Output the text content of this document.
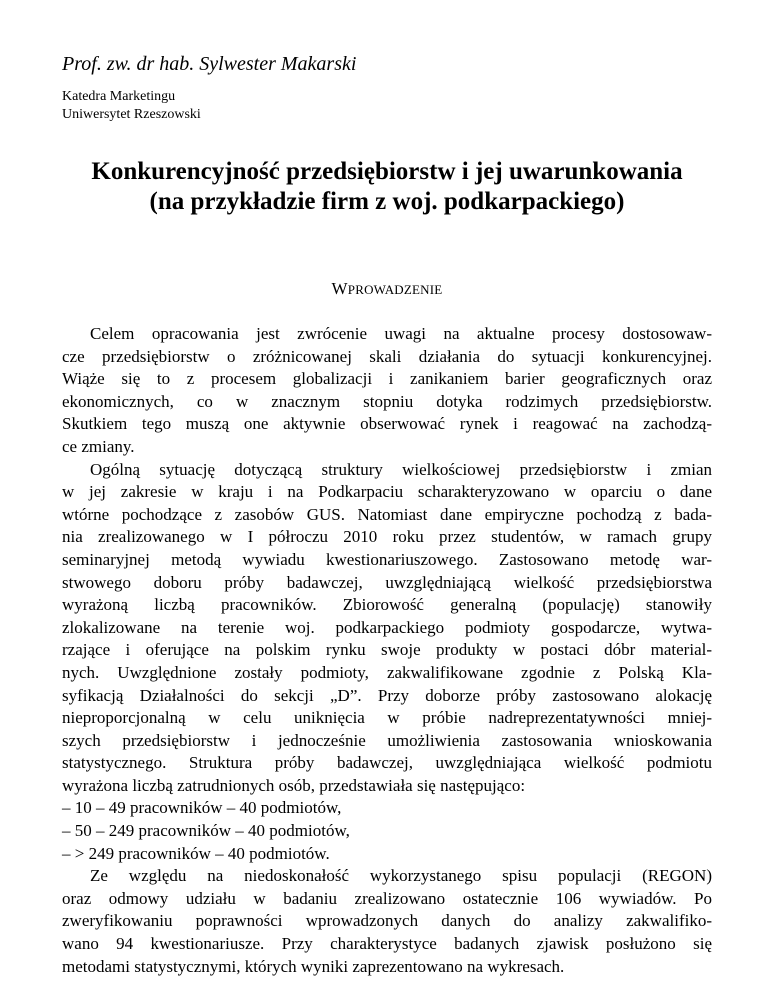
Prof. zw. dr hab. Sylwester Makarski
Katedra Marketingu
Uniwersytet Rzeszowski
Konkurencyjność przedsiębiorstw i jej uwarunkowania
(na przykładzie firm z woj. podkarpackiego)
WPROWADZENIE
Celem opracowania jest zwrócenie uwagi na aktualne procesy dostosowaw-
cze przedsiębiorstw o zróżnicowanej skali działania do sytuacji konkurencyjnej.
Wiąże się to z procesem globalizacji i zanikaniem barier geograficznych oraz
ekonomicznych, co w znacznym stopniu dotyka rodzimych przedsiębiorstw.
Skutkiem tego muszą one aktywnie obserwować rynek i reagować na zachodzą-
ce zmiany.
Ogólną sytuację dotyczącą struktury wielkościowej przedsiębiorstw i zmian
w jej zakresie w kraju i na Podkarpaciu scharakteryzowano w oparciu o dane
wtórne pochodzące z zasobów GUS. Natomiast dane empiryczne pochodzą z bada-
nia zrealizowanego w I półroczu 2010 roku przez studentów, w ramach grupy
seminaryjnej metodą wywiadu kwestionariuszowego. Zastosowano metodę war-
stwowego doboru próby badawczej, uwzględniającą wielkość przedsiębiorstwa
wyrażoną liczbą pracowników. Zbiorowość generalną (populację) stanowiły
zlokalizowane na terenie woj. podkarpackiego podmioty gospodarcze, wytwa-
rzające i oferujące na polskim rynku swoje produkty w postaci dóbr material-
nych. Uwzględnione zostały podmioty, zakwalifikowane zgodnie z Polską Kla-
syfikacją Działalności do sekcji „D”. Przy doborze próby zastosowano alokację
nieproporcjonalną w celu uniknięcia w próbie nadreprezentatywności mniej-
szych przedsiębiorstw i jednocześnie umożliwienia zastosowania wnioskowania
statystycznego. Struktura próby badawczej, uwzględniająca wielkość podmiotu
wyrażona liczbą zatrudnionych osób, przedstawiała się następująco:
– 10 – 49 pracowników – 40 podmiotów,
– 50 – 249 pracowników – 40 podmiotów,
– > 249 pracowników – 40 podmiotów.
Ze względu na niedoskonałość wykorzystanego spisu populacji (REGON)
oraz odmowy udziału w badaniu zrealizowano ostatecznie 106 wywiadów. Po
zweryfikowaniu poprawności wprowadzonych danych do analizy zakwalifiko-
wano 94 kwestionariusze. Przy charakterystyce badanych zjawisk posłużono się
metodami statystycznymi, których wyniki zaprezentowano na wykresach.
